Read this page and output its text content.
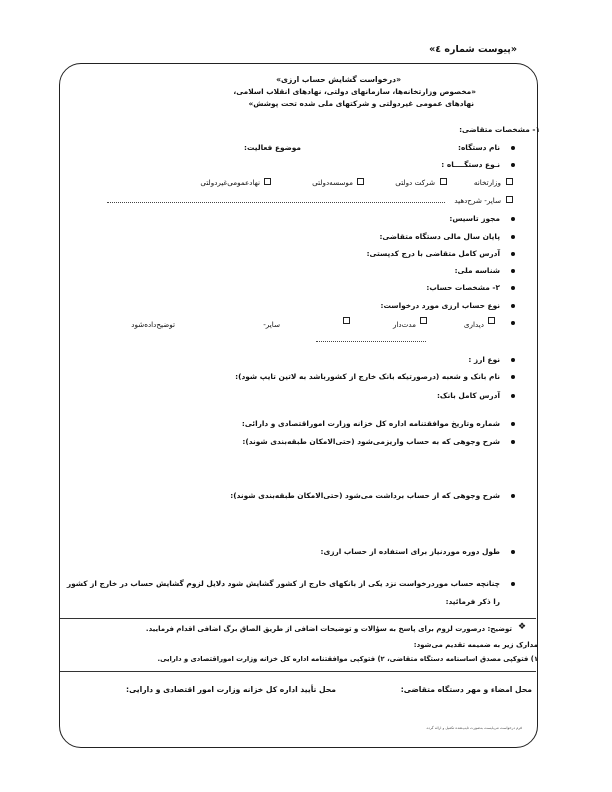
«پیوست شماره ٤»
«درخواست گشایش حساب ارزی»
«مخصوص وزارتخانه‌ها، سازمانهای دولتی، نهادهای انقلاب اسلامی،
نهادهای عمومی غیردولتی و شرکتهای ملی شده تحت پوشش»
۱- مشخصات متقاضی:
نام دستگاه:
موضوع فعالیت:
نـوع دستگــــاه :
وزارتخانه
شرکت دولتی
موسسه‌دولتی
نهادعمومی‌غیردولتی
سایر- شرح‌دهید
مجوز تاسیس:
پایان سال مالی دستگاه متقاضی:
آدرس کامل متقاضی با درج کدپستی:
شناسه ملی:
۲- مشخصات حساب:
نوع حساب ارزی مورد درخواست:
دیداری
مدت‌دار
سایر-
توضیح‌داده‌شود
نوع ارز :
نام بانک و شعبه (درصورتیکه بانک خارج از کشورباشد به لاتین تایپ شود):
آدرس کامل بانک:
شماره وتاریخ موافقتنامه اداره کل خزانه وزارت اموراقتصادی و دارائی:
شرح وجوهی که به حساب واریزمی‌شود (حتی‌الامکان طبقه‌بندی شوند):
شرح وجوهی که از حساب برداشت می‌شود (حتی‌الامکان طبقه‌بندی شوند):
طول دوره موردنیاز برای استفاده از حساب ارزی:
چنانچه حساب موردرخواست نزد یکی از بانکهای خارج از کشور گشایش شود دلایل لزوم گشایش حساب در خارج از کشور
را ذکر فرمائید:
❖
توضیح: درصورت لزوم برای پاسخ به سؤالات و توضیحات اضافی از طریق الصاق برگ اضافی اقدام فرمایید.
مدارک زیر به ضمیمه تقدیم می‌شود:
۱) فتوکپی مصدق اساسنامه دستگاه متقاضی، ۲) فتوکپی موافقتنامه اداره کل خزانه وزارت اموراقتصادی و دارایی.
محل امضاء و مهر دستگاه متقاضی:
محل تأیید اداره کل خزانه وزارت امور اقتصادی و دارایی:
فرم درخواست می‌بایست به‌صورت تایپ‌شده تکمیل و ارائه گردد.
